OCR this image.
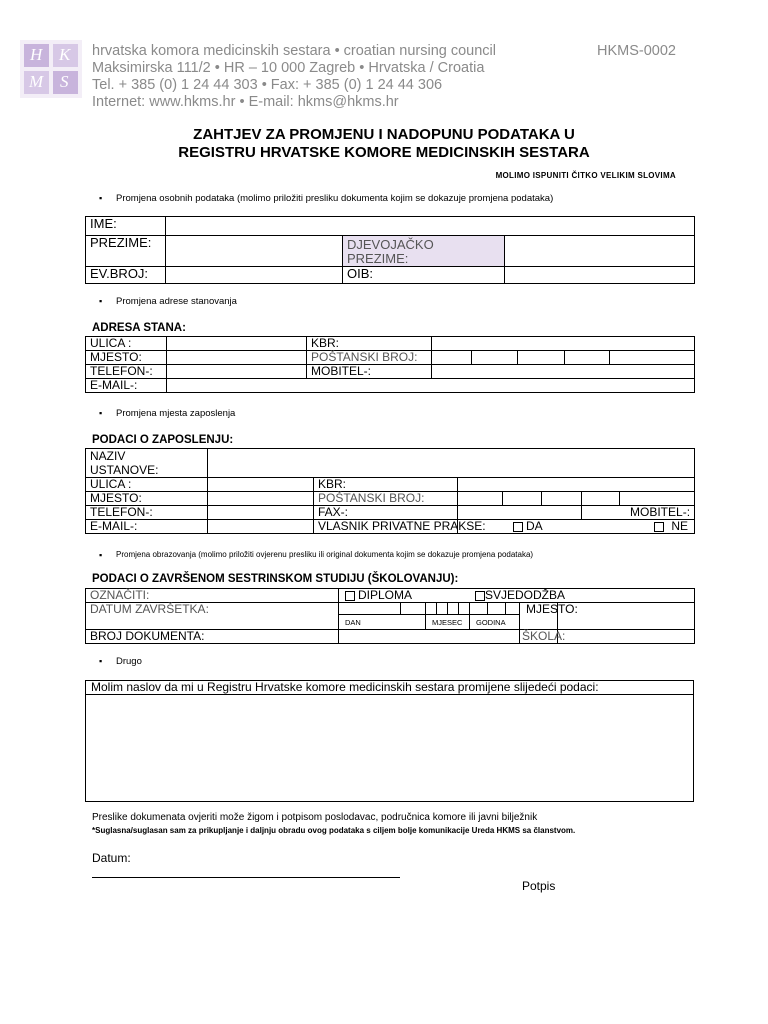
H K
M S
hrvatska komora medicinskih sestara • croatian nursing council	HKMS-0002
Maksimirska 111/2 • HR – 10 000 Zagreb • Hrvatska / Croatia
Tel. + 385 (0) 1 24 44 303 • Fax: + 385 (0) 1 24 44 306
Internet: www.hkms.hr • E-mail: hkms@hkms.hr
ZAHTJEV ZA PROMJENU I NADOPUNU PODATAKA U
REGISTRU HRVATSKE KOMORE MEDICINSKIH SESTARA
MOLIMO ISPUNITI ČITKO VELIKIM SLOVIMA
▪ Promjena osobnih podataka (molimo priložiti presliku dokumenta kojim se dokazuje promjena podataka)
IME:			
PREZIME:		DJEVOJAČKO
PREZIME:	

EV.BROJ:		OIB:	
▪ Promjena adrese stanovanja
ADRESA STANA:
ULICA :		KBR:					
MJESTO:		POŠTANSKI BROJ:					
TELEFON-:		MOBITEL-:					
E-MAIL-:							
▪ Promjena mjesta zaposlenja
PODACI O ZAPOSLENJU:
NAZIV
USTANOVE:							

ULICA :		KBR:					
MJESTO:		POŠTANSKI BROJ:					
TELEFON-:		FAX-:				MOBITEL-:	
E-MAIL-:		VLASNIK PRIVATNE PRAKSE:	DA NE				
▪ Promjena obrazovanja (molimo priložiti ovjerenu presliku ili original dokumenta kojim se dokazuje promjena podataka)
PODACI O ZAVRŠENOM SESTRINSKOM STUDIJU (ŠKOLOVANJU):
OZNAČITI:	DIPLOMA SVJEDODŽBA										

DATUM ZAVRŠETKA:										MJESTO:	
	DAN		MJESEC				GODINA				
BROJ DOKUMENTA:										ŠKOLA:	
▪ Drugo
Molim naslov da mi u Registru Hrvatske komore medicinskih sestara promijene slijedeći podaci:

Preslike dokumenata ovjeriti može žigom i potpisom poslodavac, područnica komore ili javni bilježnik
*Suglasna/suglasan sam za prikupljanje i daljnju obradu ovog podataka s ciljem bolje komunikacije Ureda HKMS sa članstvom.
Datum:
Potpis
